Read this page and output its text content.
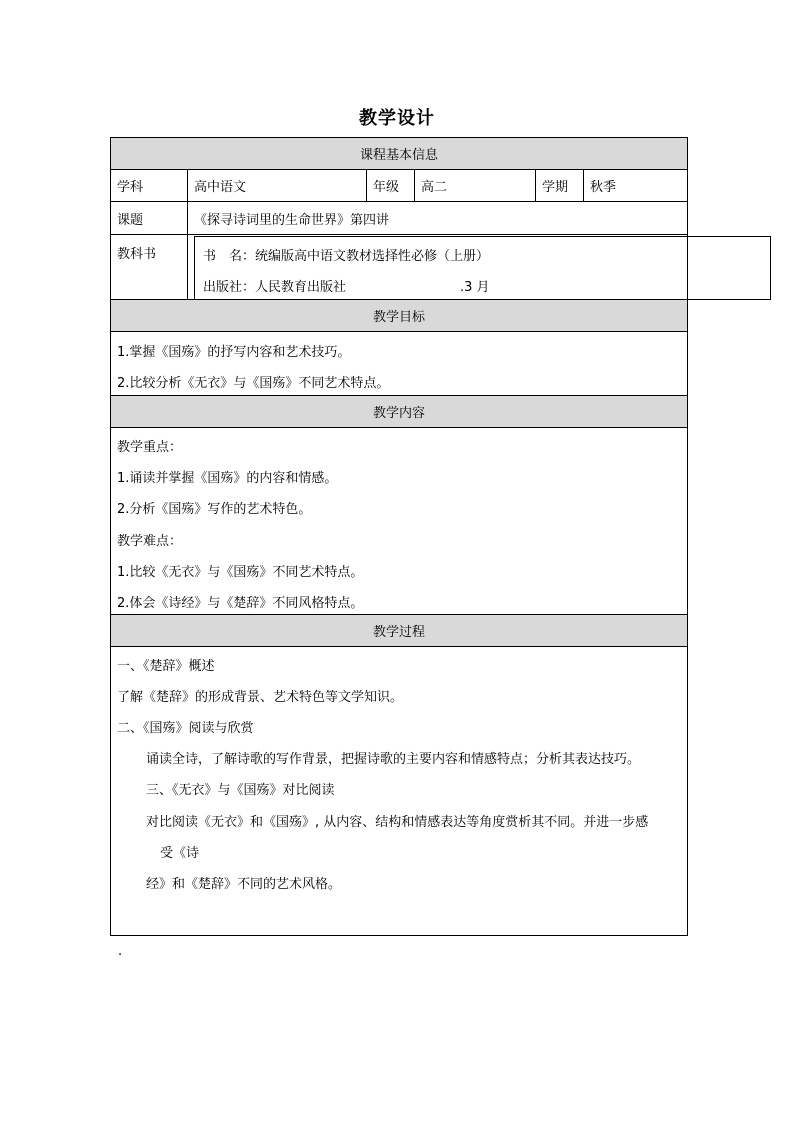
教学设计
课程基本信息
学科	高中语文	年级	高二	学期	秋季
课题	《探寻诗词里的生命世界》第四讲
教科书	书　名：统编版高中语文教材选择性必修（上册）
出版社：人民教育出版社	.3 月
教学目标
1.掌握《国殇》的抒写内容和艺术技巧。
2.比较分析《无衣》与《国殇》不同艺术特点。
教学内容
教学重点：
1.诵读并掌握《国殇》的内容和情感。
2.分析《国殇》写作的艺术特色。
教学难点：
1.比较《无衣》与《国殇》不同艺术特点。
2.体会《诗经》与《楚辞》不同风格特点。
教学过程
一、《楚辞》概述
了解《楚辞》的形成背景、艺术特色等文学知识。
二、《国殇》阅读与欣赏
诵读全诗，了解诗歌的写作背景，把握诗歌的主要内容和情感特点；分析其表达技巧。
三、《无衣》与《国殇》对比阅读
对比阅读《无衣》和《国殇》, 从内容、结构和情感表达等角度赏析其不同。并进一步感
受《诗
经》和《楚辞》不同的艺术风格。
.
